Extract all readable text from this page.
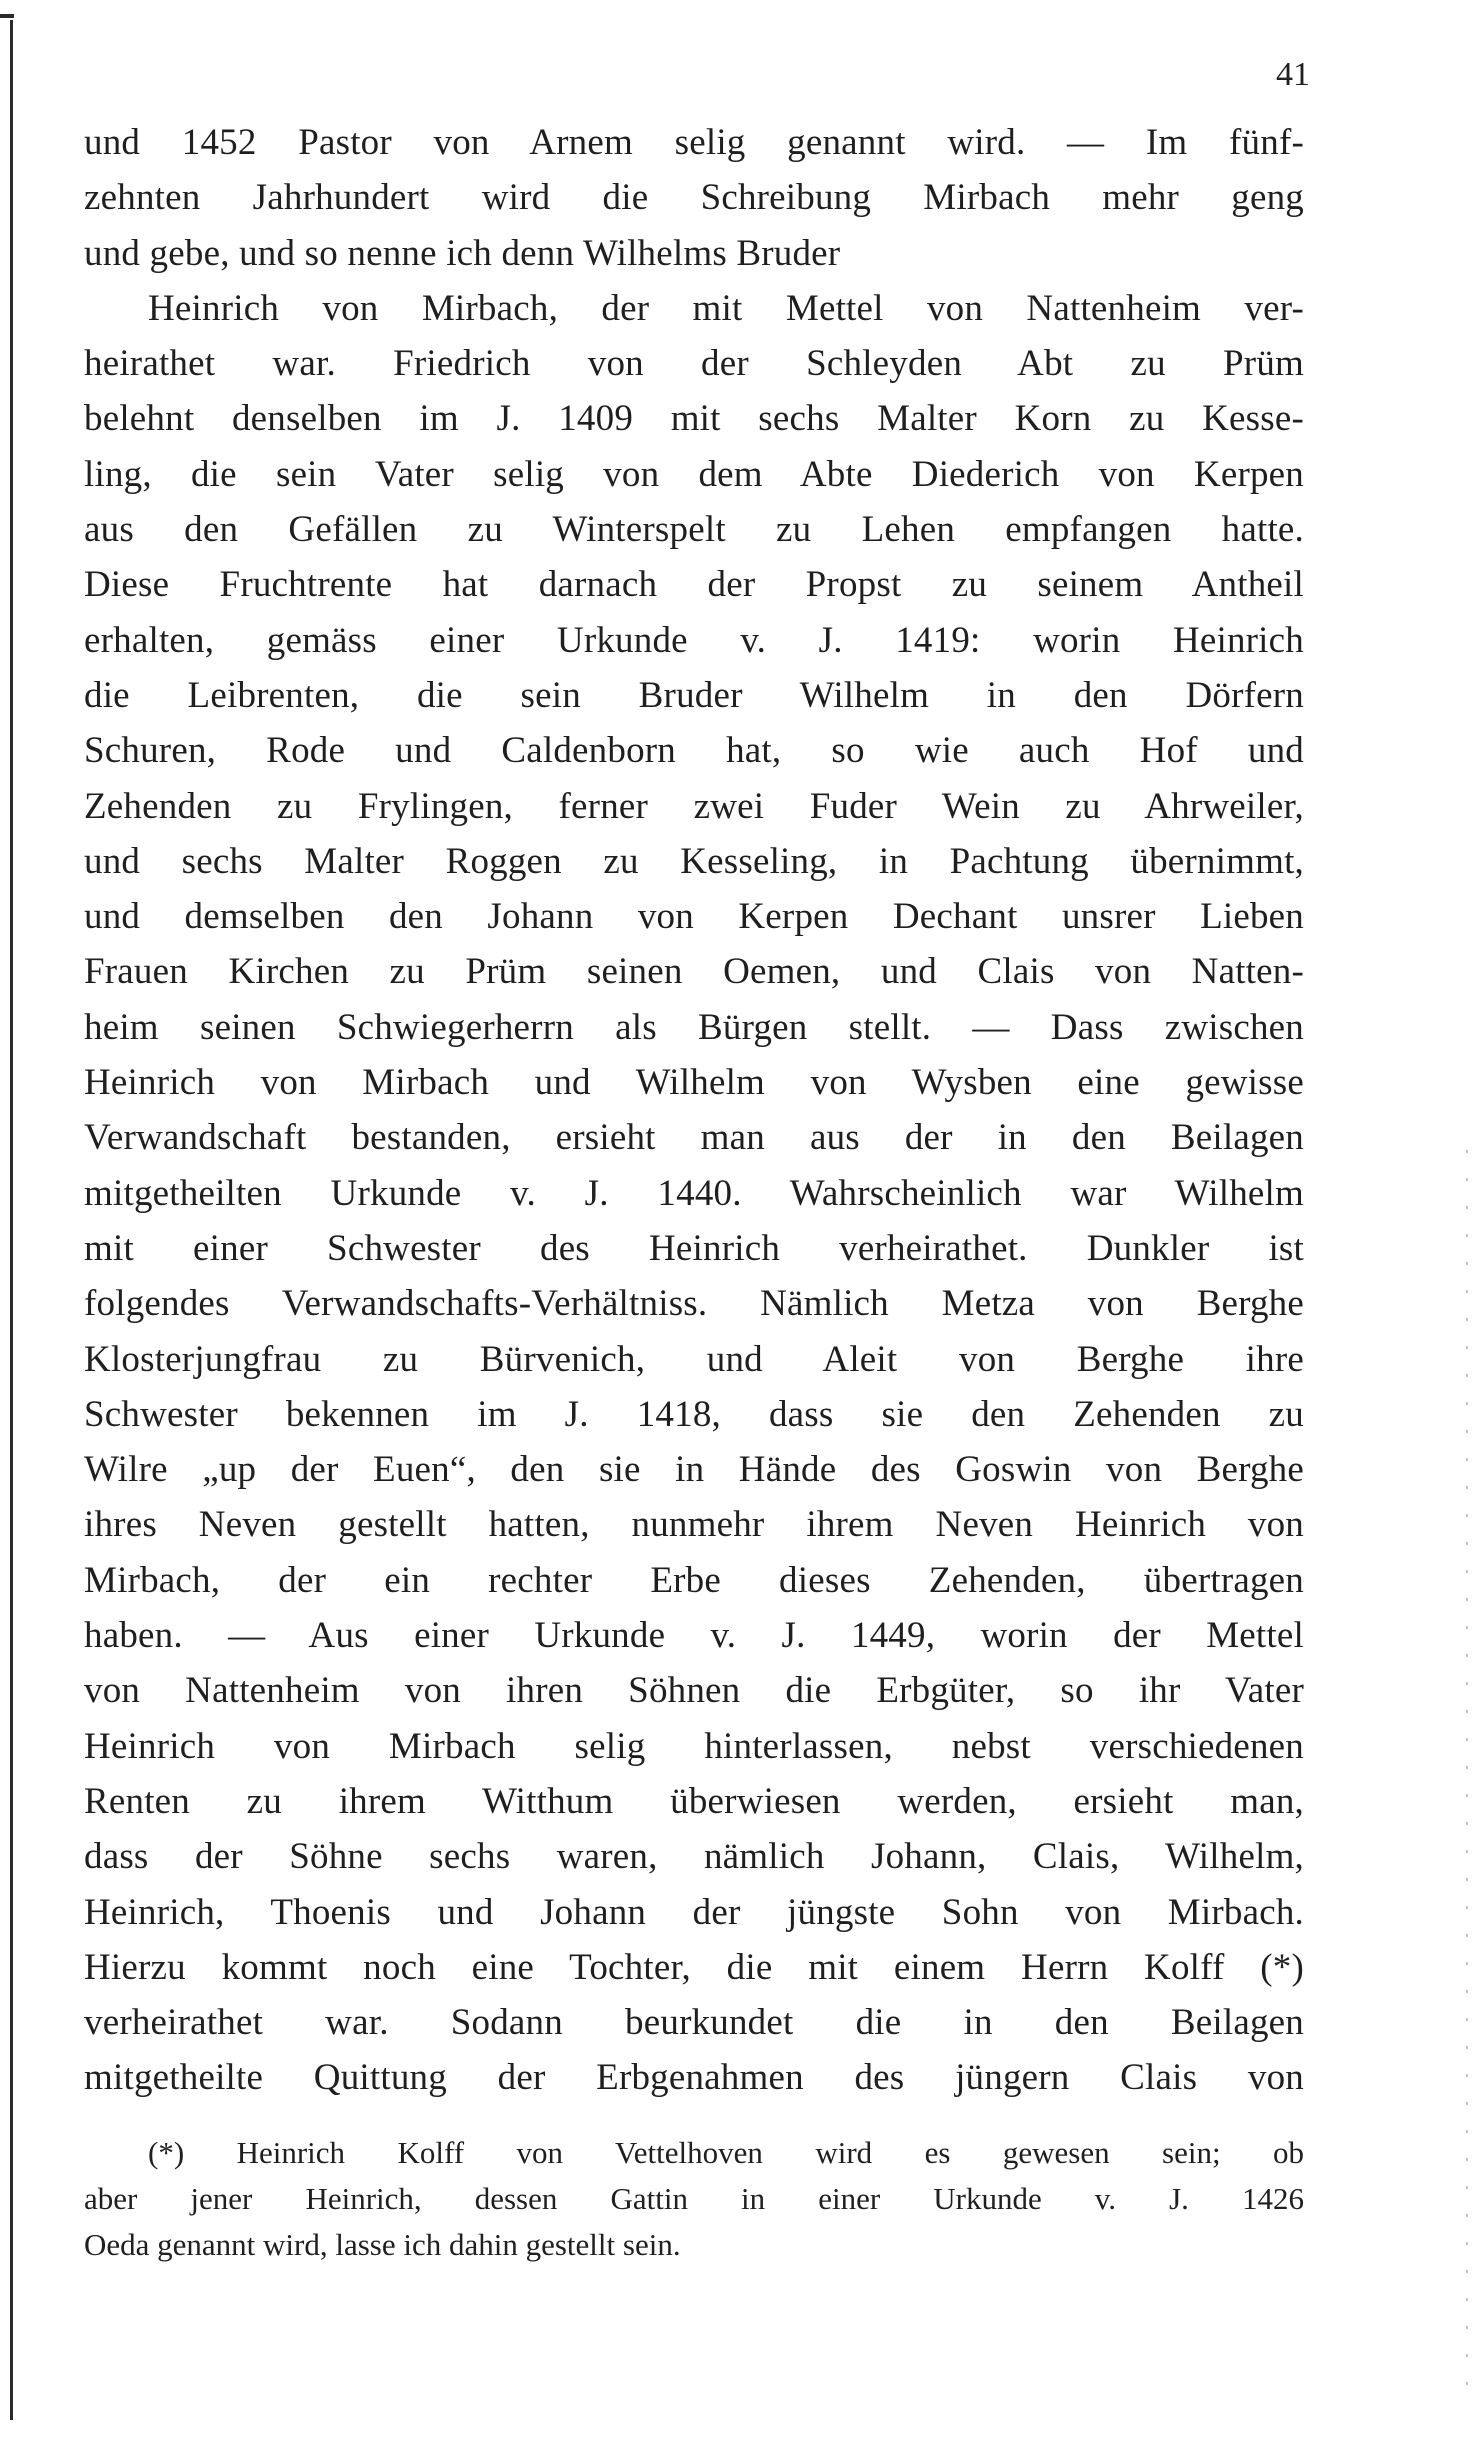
41
und 1452 Pastor von Arnem selig genannt wird. — Im fünf-
zehnten Jahrhundert wird die Schreibung Mirbach mehr geng
und gebe, und so nenne ich denn Wilhelms Bruder
Heinrich von Mirbach, der mit Mettel von Nattenheim ver-
heirathet war. Friedrich von der Schleyden Abt zu Prüm
belehnt denselben im J. 1409 mit sechs Malter Korn zu Kesse-
ling, die sein Vater selig von dem Abte Diederich von Kerpen
aus den Gefällen zu Winterspelt zu Lehen empfangen hatte.
Diese Fruchtrente hat darnach der Propst zu seinem Antheil
erhalten, gemäss einer Urkunde v. J. 1419: worin Heinrich
die Leibrenten, die sein Bruder Wilhelm in den Dörfern
Schuren, Rode und Caldenborn hat, so wie auch Hof und
Zehenden zu Frylingen, ferner zwei Fuder Wein zu Ahrweiler,
und sechs Malter Roggen zu Kesseling, in Pachtung übernimmt,
und demselben den Johann von Kerpen Dechant unsrer Lieben
Frauen Kirchen zu Prüm seinen Oemen, und Clais von Natten-
heim seinen Schwiegerherrn als Bürgen stellt. — Dass zwischen
Heinrich von Mirbach und Wilhelm von Wysben eine gewisse
Verwandschaft bestanden, ersieht man aus der in den Beilagen
mitgetheilten Urkunde v. J. 1440. Wahrscheinlich war Wilhelm
mit einer Schwester des Heinrich verheirathet. Dunkler ist
folgendes Verwandschafts-Verhältniss. Nämlich Metza von Berghe
Klosterjungfrau zu Bürvenich, und Aleit von Berghe ihre
Schwester bekennen im J. 1418, dass sie den Zehenden zu
Wilre „up der Euen“, den sie in Hände des Goswin von Berghe
ihres Neven gestellt hatten, nunmehr ihrem Neven Heinrich von
Mirbach, der ein rechter Erbe dieses Zehenden, übertragen
haben. — Aus einer Urkunde v. J. 1449, worin der Mettel
von Nattenheim von ihren Söhnen die Erbgüter, so ihr Vater
Heinrich von Mirbach selig hinterlassen, nebst verschiedenen
Renten zu ihrem Witthum überwiesen werden, ersieht man,
dass der Söhne sechs waren, nämlich Johann, Clais, Wilhelm,
Heinrich, Thoenis und Johann der jüngste Sohn von Mirbach.
Hierzu kommt noch eine Tochter, die mit einem Herrn Kolff (*)
verheirathet war. Sodann beurkundet die in den Beilagen
mitgetheilte Quittung der Erbgenahmen des jüngern Clais von
(*) Heinrich Kolff von Vettelhoven wird es gewesen sein; ob
aber jener Heinrich, dessen Gattin in einer Urkunde v. J. 1426
Oeda genannt wird, lasse ich dahin gestellt sein.
